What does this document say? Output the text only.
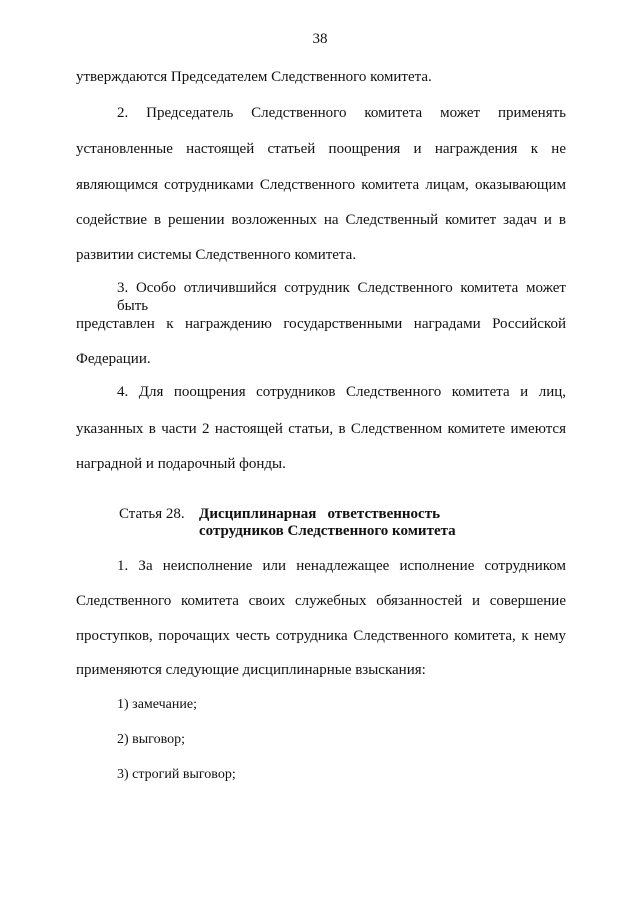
38
утверждаются Председателем Следственного комитета.
2. Председатель Следственного комитета может применять
установленные настоящей статьей поощрения и награждения к не
являющимся сотрудниками Следственного комитета лицам, оказывающим
содействие в решении возложенных на Следственный комитет задач и в
развитии системы Следственного комитета.
3. Особо отличившийся сотрудник Следственного комитета может быть
представлен к награждению государственными наградами Российской
Федерации.
4. Для поощрения сотрудников Следственного комитета и лиц,
указанных в части 2 настоящей статьи, в Следственном комитете имеются
наградной и подарочный фонды.
Статья 28. Дисциплинарная ответственность
сотрудников Следственного комитета
1. За неисполнение или ненадлежащее исполнение сотрудником
Следственного комитета своих служебных обязанностей и совершение
проступков, порочащих честь сотрудника Следственного комитета, к нему
применяются следующие дисциплинарные взыскания:
1) замечание;
2) выговор;
3) строгий выговор;
